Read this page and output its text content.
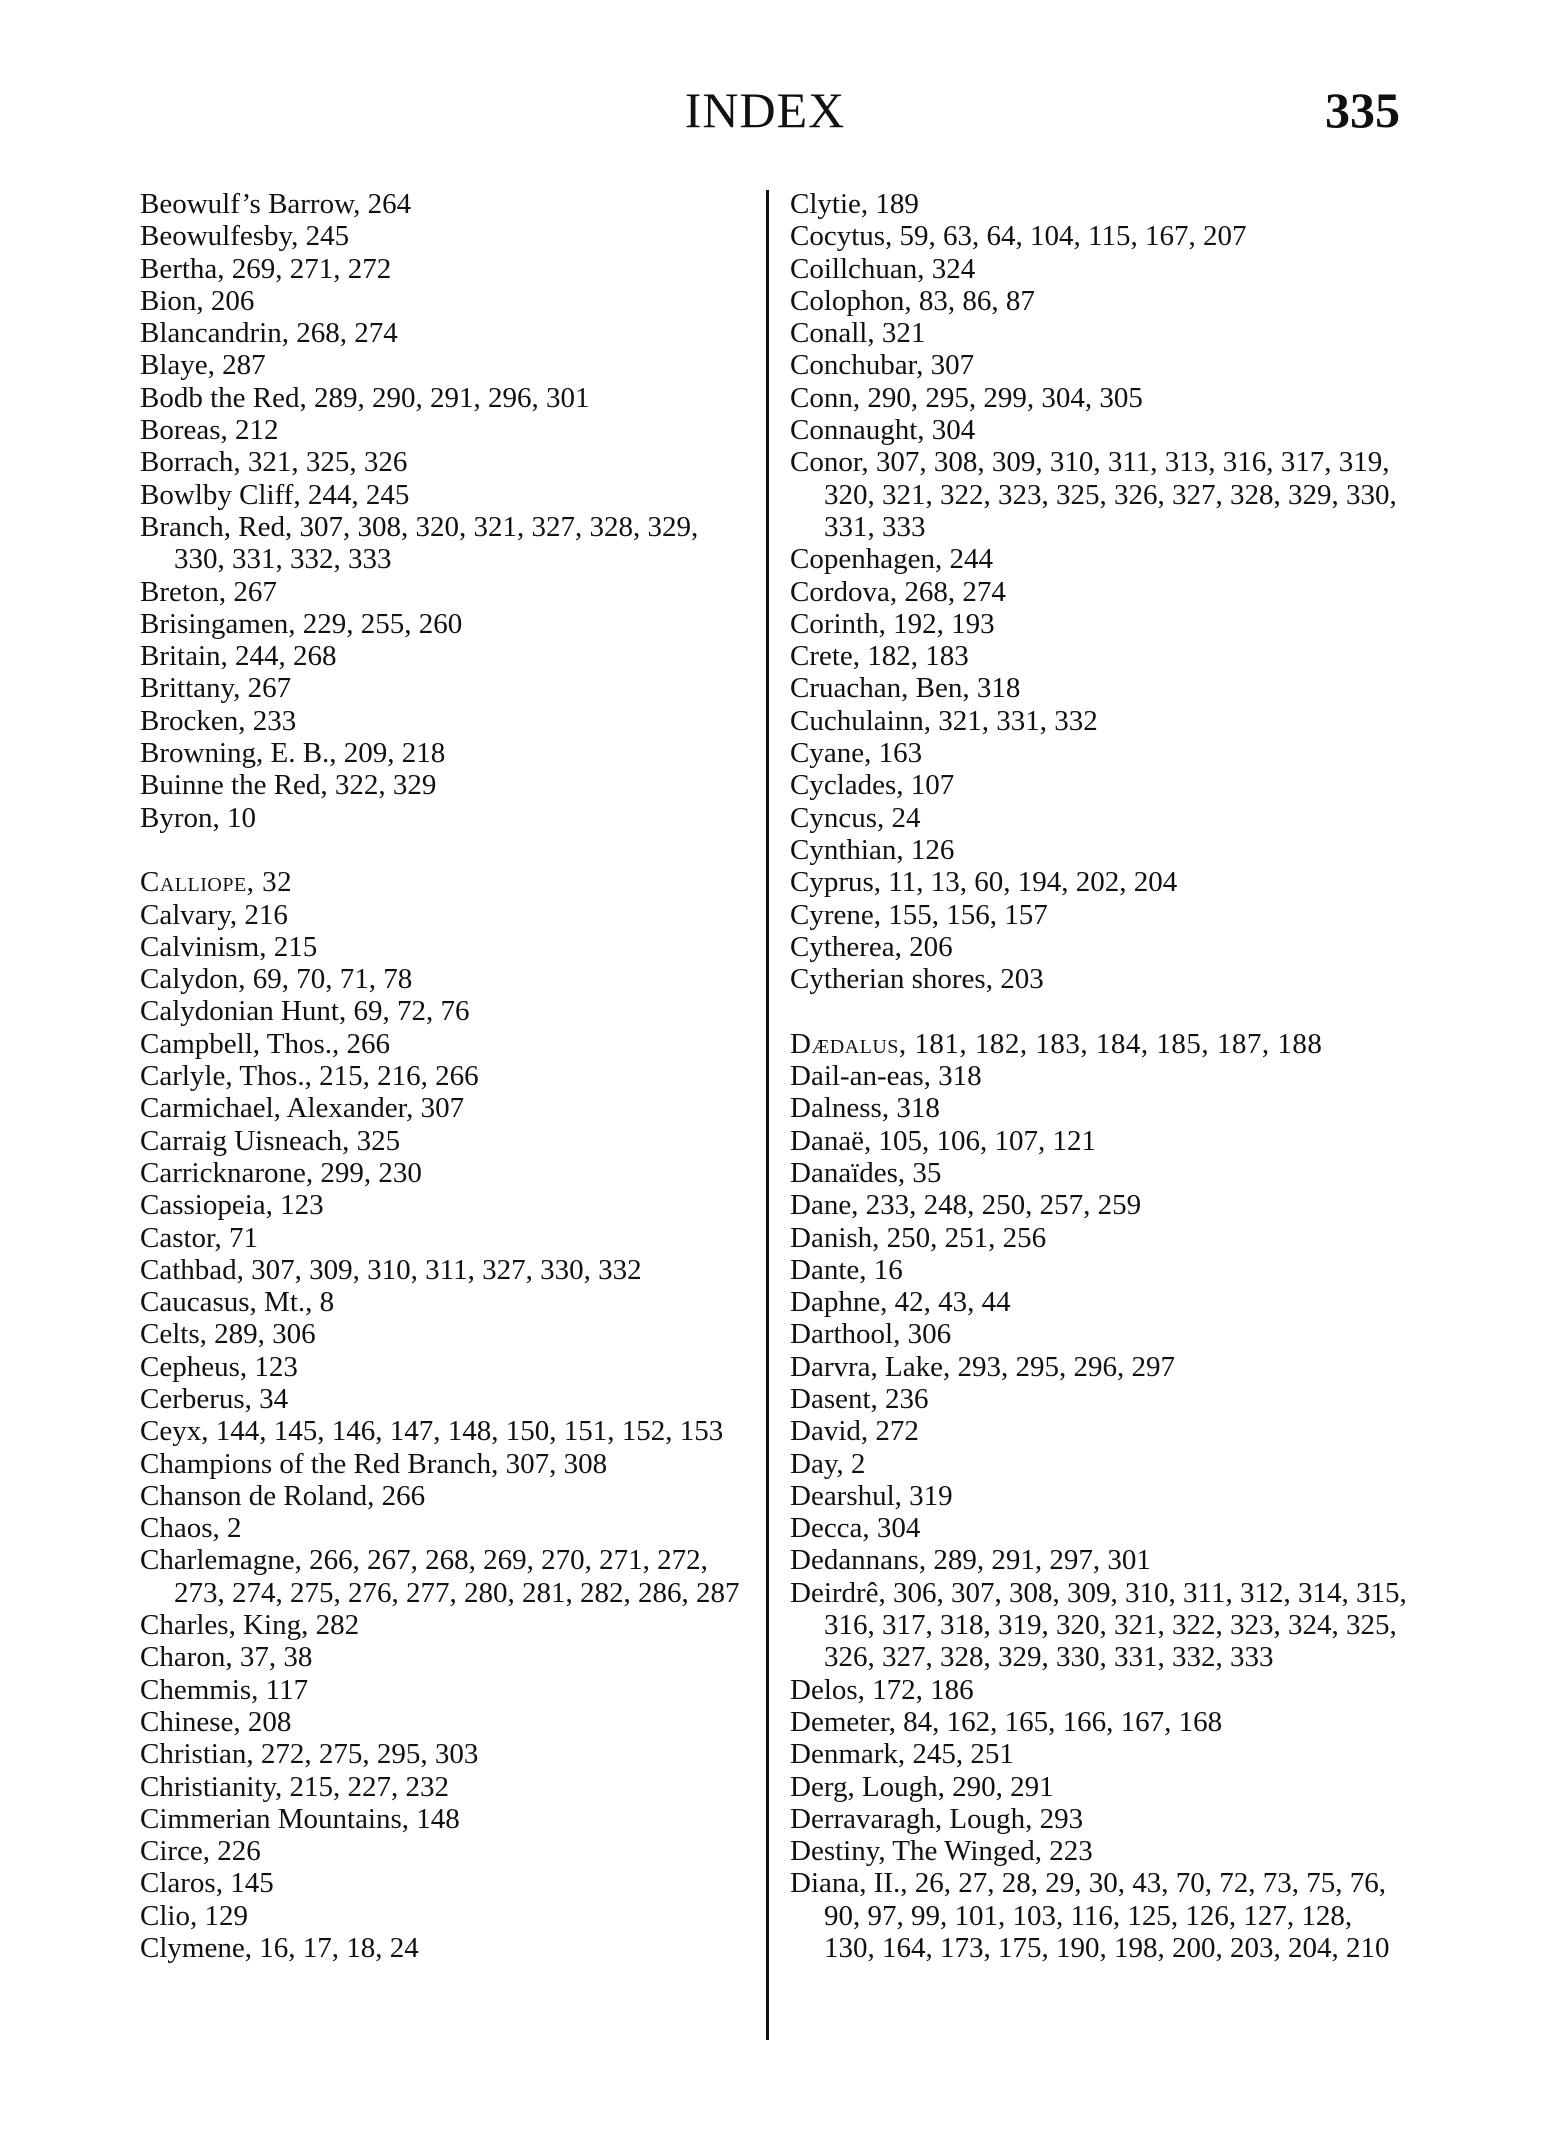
INDEX	335
Beowulf’s Barrow, 264
Beowulfesby, 245
Bertha, 269, 271, 272
Bion, 206
Blancandrin, 268, 274
Blaye, 287
Bodb the Red, 289, 290, 291, 296, 301
Boreas, 212
Borrach, 321, 325, 326
Bowlby Cliff, 244, 245
Branch, Red, 307, 308, 320, 321, 327, 328, 329, 330, 331, 332, 333
Breton, 267
Brisingamen, 229, 255, 260
Britain, 244, 268
Brittany, 267
Brocken, 233
Browning, E. B., 209, 218
Buinne the Red, 322, 329
Byron, 10
Calliope, 32
Calvary, 216
Calvinism, 215
Calydon, 69, 70, 71, 78
Calydonian Hunt, 69, 72, 76
Campbell, Thos., 266
Carlyle, Thos., 215, 216, 266
Carmichael, Alexander, 307
Carraig Uisneach, 325
Carricknarone, 299, 230
Cassiopeia, 123
Castor, 71
Cathbad, 307, 309, 310, 311, 327, 330, 332
Caucasus, Mt., 8
Celts, 289, 306
Cepheus, 123
Cerberus, 34
Ceyx, 144, 145, 146, 147, 148, 150, 151, 152, 153
Champions of the Red Branch, 307, 308
Chanson de Roland, 266
Chaos, 2
Charlemagne, 266, 267, 268, 269, 270, 271, 272, 273, 274, 275, 276, 277, 280, 281, 282, 286, 287
Charles, King, 282
Charon, 37, 38
Chemmis, 117
Chinese, 208
Christian, 272, 275, 295, 303
Christianity, 215, 227, 232
Cimmerian Mountains, 148
Circe, 226
Claros, 145
Clio, 129
Clymene, 16, 17, 18, 24
Clytie, 189
Cocytus, 59, 63, 64, 104, 115, 167, 207
Coillchuan, 324
Colophon, 83, 86, 87
Conall, 321
Conchubar, 307
Conn, 290, 295, 299, 304, 305
Connaught, 304
Conor, 307, 308, 309, 310, 311, 313, 316, 317, 319, 320, 321, 322, 323, 325, 326, 327, 328, 329, 330, 331, 333
Copenhagen, 244
Cordova, 268, 274
Corinth, 192, 193
Crete, 182, 183
Cruachan, Ben, 318
Cuchulainn, 321, 331, 332
Cyane, 163
Cyclades, 107
Cyncus, 24
Cynthian, 126
Cyprus, 11, 13, 60, 194, 202, 204
Cyrene, 155, 156, 157
Cytherea, 206
Cytherian shores, 203
Dædalus, 181, 182, 183, 184, 185, 187, 188
Dail-an-eas, 318
Dalness, 318
Danaë, 105, 106, 107, 121
Danaïdes, 35
Dane, 233, 248, 250, 257, 259
Danish, 250, 251, 256
Dante, 16
Daphne, 42, 43, 44
Darthool, 306
Darvra, Lake, 293, 295, 296, 297
Dasent, 236
David, 272
Day, 2
Dearshul, 319
Decca, 304
Dedannans, 289, 291, 297, 301
Deirdrê, 306, 307, 308, 309, 310, 311, 312, 314, 315, 316, 317, 318, 319, 320, 321, 322, 323, 324, 325, 326, 327, 328, 329, 330, 331, 332, 333
Delos, 172, 186
Demeter, 84, 162, 165, 166, 167, 168
Denmark, 245, 251
Derg, Lough, 290, 291
Derravaragh, Lough, 293
Destiny, The Winged, 223
Diana, II., 26, 27, 28, 29, 30, 43, 70, 72, 73, 75, 76, 90, 97, 99, 101, 103, 116, 125, 126, 127, 128, 130, 164, 173, 175, 190, 198, 200, 203, 204, 210
